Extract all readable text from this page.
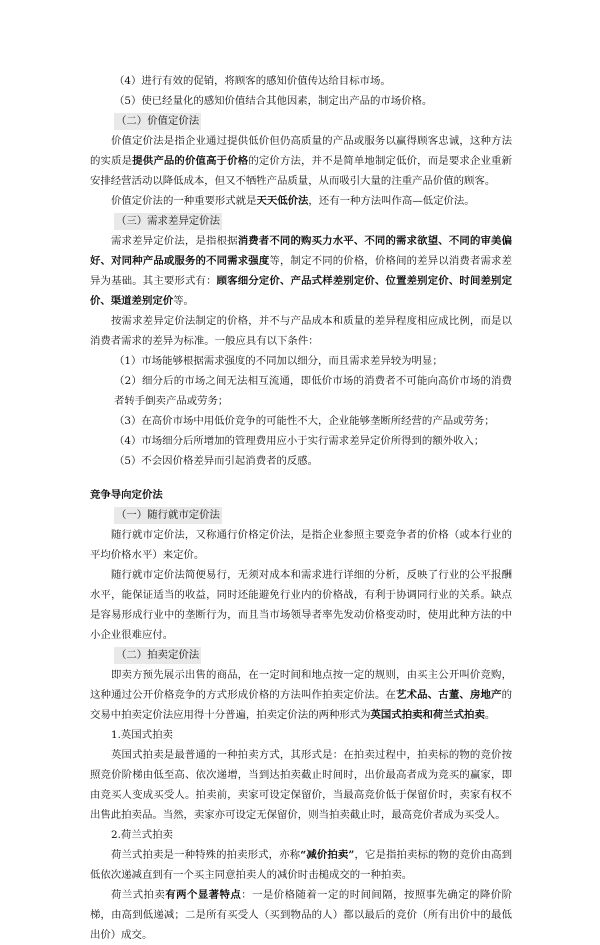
（4）进行有效的促销，将顾客的感知价值传达给目标市场。

（5）使已经量化的感知价值结合其他因素，制定出产品的市场价格。

（二）价值定价法

价值定价法是指企业通过提供低价但仍高质量的产品或服务以赢得顾客忠诚，这种方法的实质是提供产品的价值高于价格的定价方法，并不是简单地制定低价，而是要求企业重新安排经营活动以降低成本，但又不牺牲产品质量，从而吸引大量的注重产品价值的顾客。

价值定价法的一种重要形式就是天天低价法，还有一种方法叫作高—低定价法。

（三）需求差异定价法

需求差异定价法，是指根据消费者不同的购买力水平、不同的需求欲望、不同的审美偏好、对同种产品或服务的不同需求强度等，制定不同的价格，价格间的差异以消费者需求差异为基础。其主要形式有：顾客细分定价、产品式样差别定价、位置差别定价、时间差别定价、渠道差别定价等。

按需求差异定价法制定的价格，并不与产品成本和质量的差异程度相应成比例，而是以消费者需求的差异为标准。一般应具有以下条件：

（1）市场能够根据需求强度的不同加以细分，而且需求差异较为明显；

（2）细分后的市场之间无法相互流通，即低价市场的消费者不可能向高价市场的消费者转手倒卖产品或劳务；

（3）在高价市场中用低价竞争的可能性不大，企业能够垄断所经营的产品或劳务；

（4）市场细分后所增加的管理费用应小于实行需求差异定价所得到的额外收入；

（5）不会因价格差异而引起消费者的反感。

竞争导向定价法

（一）随行就市定价法

随行就市定价法，又称通行价格定价法，是指企业参照主要竞争者的价格（或本行业的平均价格水平）来定价。

随行就市定价法简便易行，无须对成本和需求进行详细的分析，反映了行业的公平报酬水平，能保证适当的收益，同时还能避免行业内的价格战，有利于协调同行业的关系。缺点是容易形成行业中的垄断行为，而且当市场领导者率先发动价格变动时，使用此种方法的中小企业很难应付。

（二）拍卖定价法

即卖方预先展示出售的商品，在一定时间和地点按一定的规则，由买主公开叫价竞购，这种通过公开价格竞争的方式形成价格的方法叫作拍卖定价法。在艺术品、古董、房地产的交易中拍卖定价法应用得十分普遍，拍卖定价法的两种形式为英国式拍卖和荷兰式拍卖。

1.英国式拍卖

英国式拍卖是最普通的一种拍卖方式，其形式是：在拍卖过程中，拍卖标的物的竞价按照竞价阶梯由低至高、依次递增，当到达拍卖截止时间时，出价最高者成为竞买的赢家，即由竞买人变成买受人。拍卖前，卖家可设定保留价，当最高竞价低于保留价时，卖家有权不出售此拍卖品。当然，卖家亦可设定无保留价，则当拍卖截止时，最高竞价者成为买受人。

2.荷兰式拍卖

荷兰式拍卖是一种特殊的拍卖形式，亦称“减价拍卖”，它是指拍卖标的物的竞价由高到低依次递减直到有一个买主同意拍卖人的减价时击槌成交的一种拍卖。

荷兰式拍卖有两个显著特点：一是价格随着一定的时间间隔，按照事先确定的降价阶梯，由高到低递减；二是所有买受人（买到物品的人）都以最后的竞价（所有出价中的最低出价）成交。
